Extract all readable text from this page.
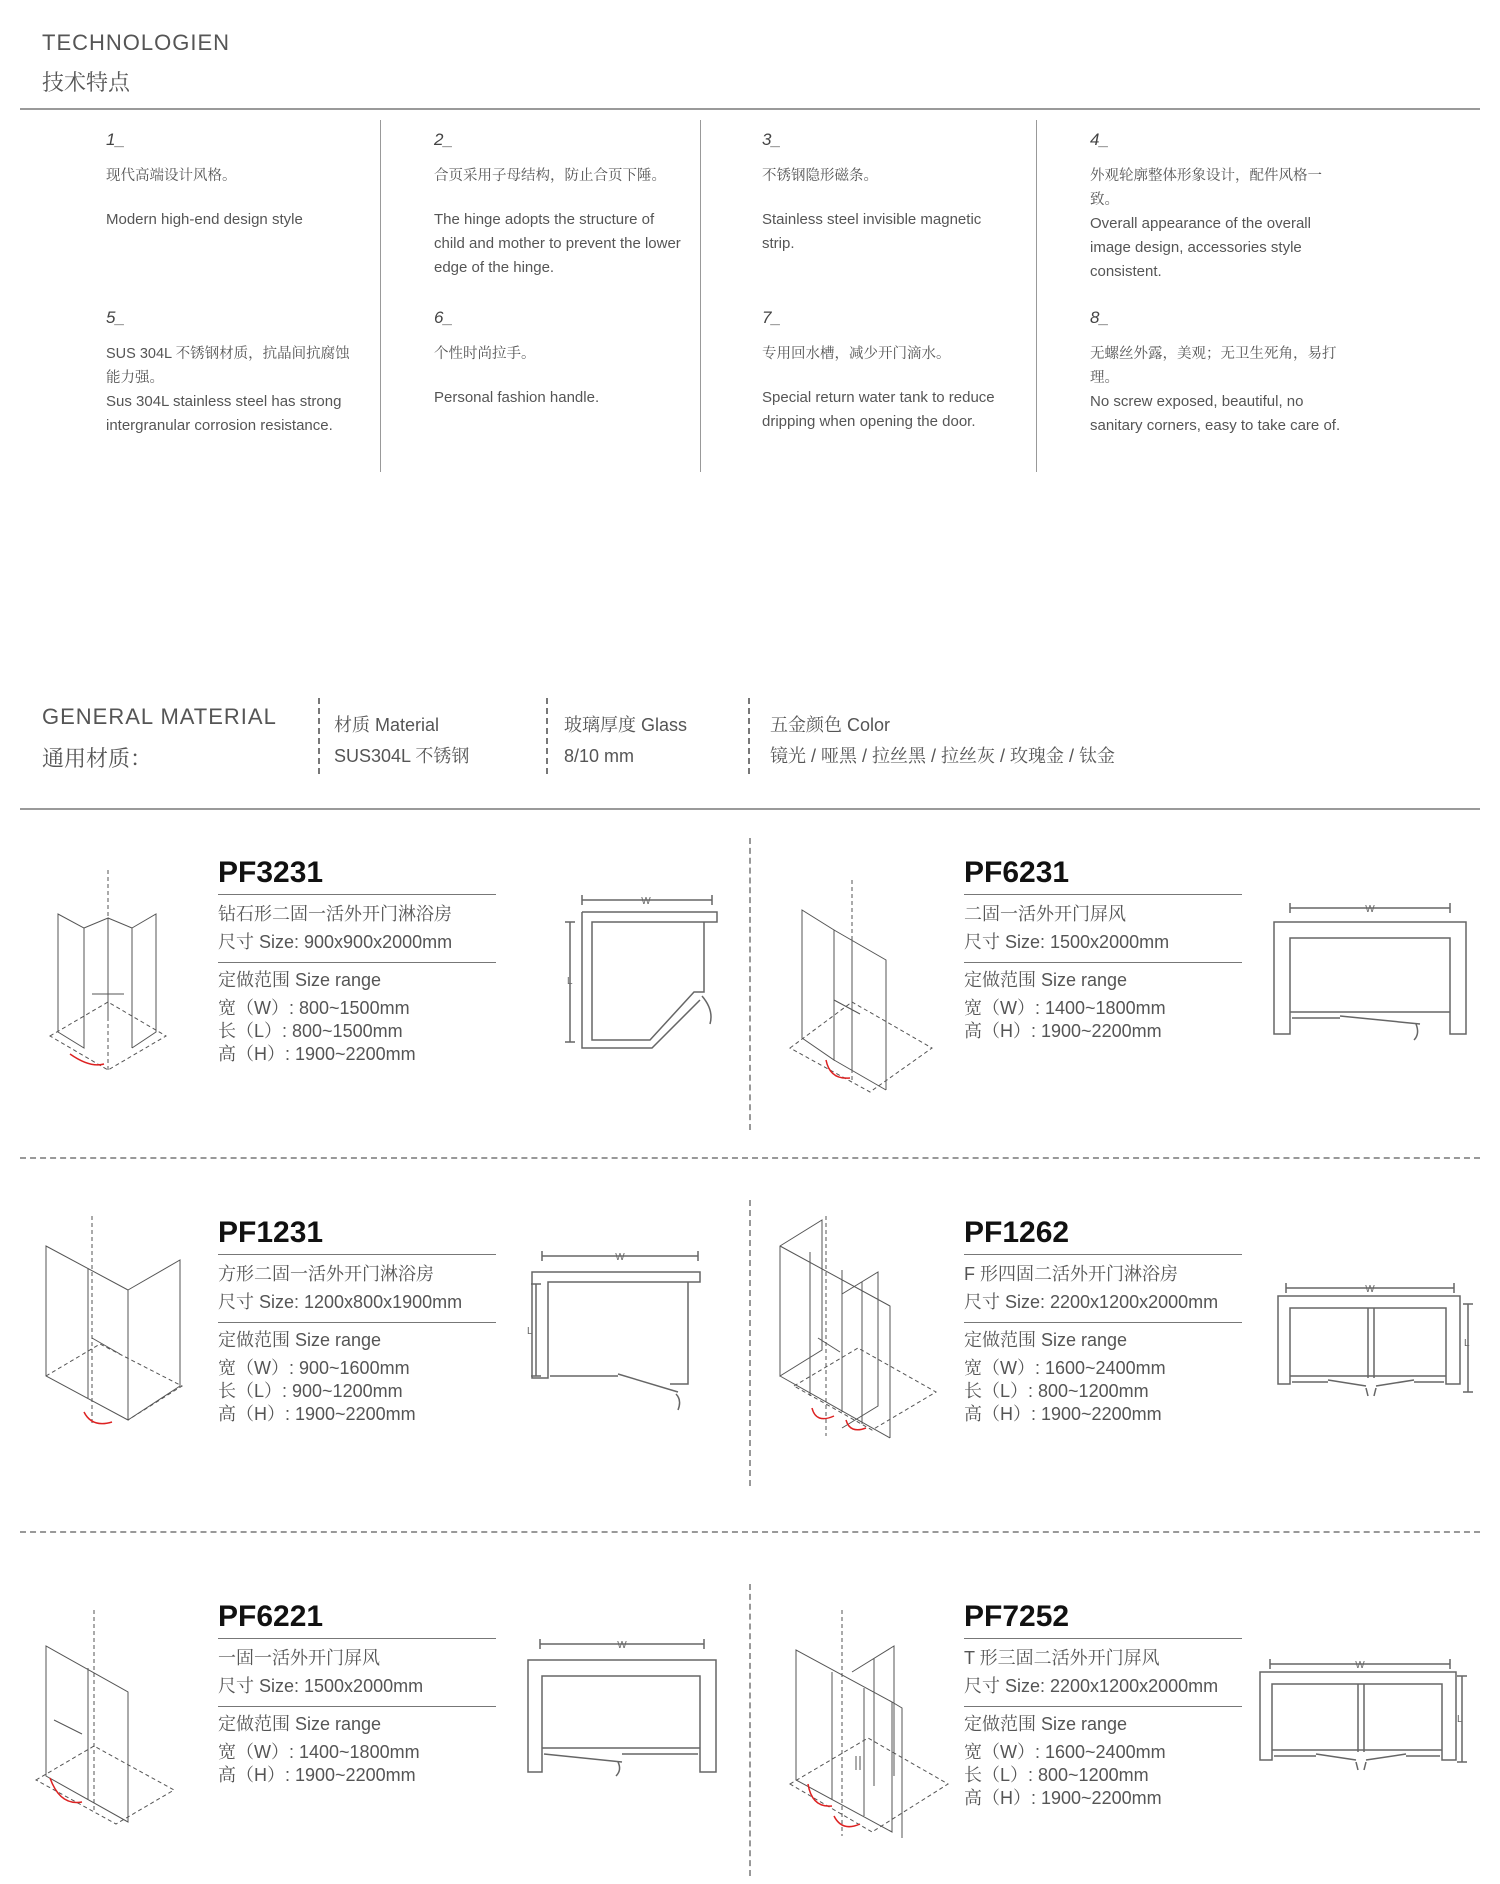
TECHNOLOGIEN
技术特点
1_
现代高端设计风格。
Modern high-end design style
2_
合页采用子母结构，防止合页下陲。
The hinge adopts the structure of child and mother to prevent the lower edge of the hinge.
3_
不锈钢隐形磁条。
Stainless steel invisible magnetic strip.
4_
外观轮廓整体形象设计，配件风格一致。
Overall appearance of the overall image design, accessories style consistent.
5_
SUS 304L 不锈钢材质，抗晶间抗腐蚀能力强。
Sus 304L stainless steel has strong intergranular corrosion resistance.
6_
个性时尚拉手。
Personal fashion handle.
7_
专用回水槽，减少开门滴水。
Special return water tank to reduce dripping when opening the door.
8_
无螺丝外露，美观；无卫生死角，易打理。
No screw exposed, beautiful, no sanitary corners, easy to take care of.
GENERAL MATERIAL
通用材质：
材质 Material
SUS304L 不锈钢
玻璃厚度 Glass
8/10 mm
五金颜色 Color
镜光 / 哑黑 / 拉丝黑 / 拉丝灰 / 玫瑰金 / 钛金
PF3231
钻石形二固一活外开门淋浴房
尺寸 Size: 900x900x2000mm
定做范围 Size range
宽（W）: 800~1500mm
长（L）: 800~1500mm
高（H）: 1900~2200mm
W
L
PF6231
二固一活外开门屏风
尺寸 Size: 1500x2000mm
定做范围 Size range
宽（W）: 1400~1800mm
高（H）: 1900~2200mm
W
PF1231
方形二固一活外开门淋浴房
尺寸 Size: 1200x800x1900mm
定做范围 Size range
宽（W）: 900~1600mm
长（L）: 900~1200mm
高（H）: 1900~2200mm
W
L
PF1262
F 形四固二活外开门淋浴房
尺寸 Size: 2200x1200x2000mm
定做范围 Size range
宽（W）: 1600~2400mm
长（L）: 800~1200mm
高（H）: 1900~2200mm
W
L
PF6221
一固一活外开门屏风
尺寸 Size: 1500x2000mm
定做范围 Size range
宽（W）: 1400~1800mm
高（H）: 1900~2200mm
W
PF7252
T 形三固二活外开门屏风
尺寸 Size: 2200x1200x2000mm
定做范围 Size range
宽（W）: 1600~2400mm
长（L）: 800~1200mm
高（H）: 1900~2200mm
W
L
